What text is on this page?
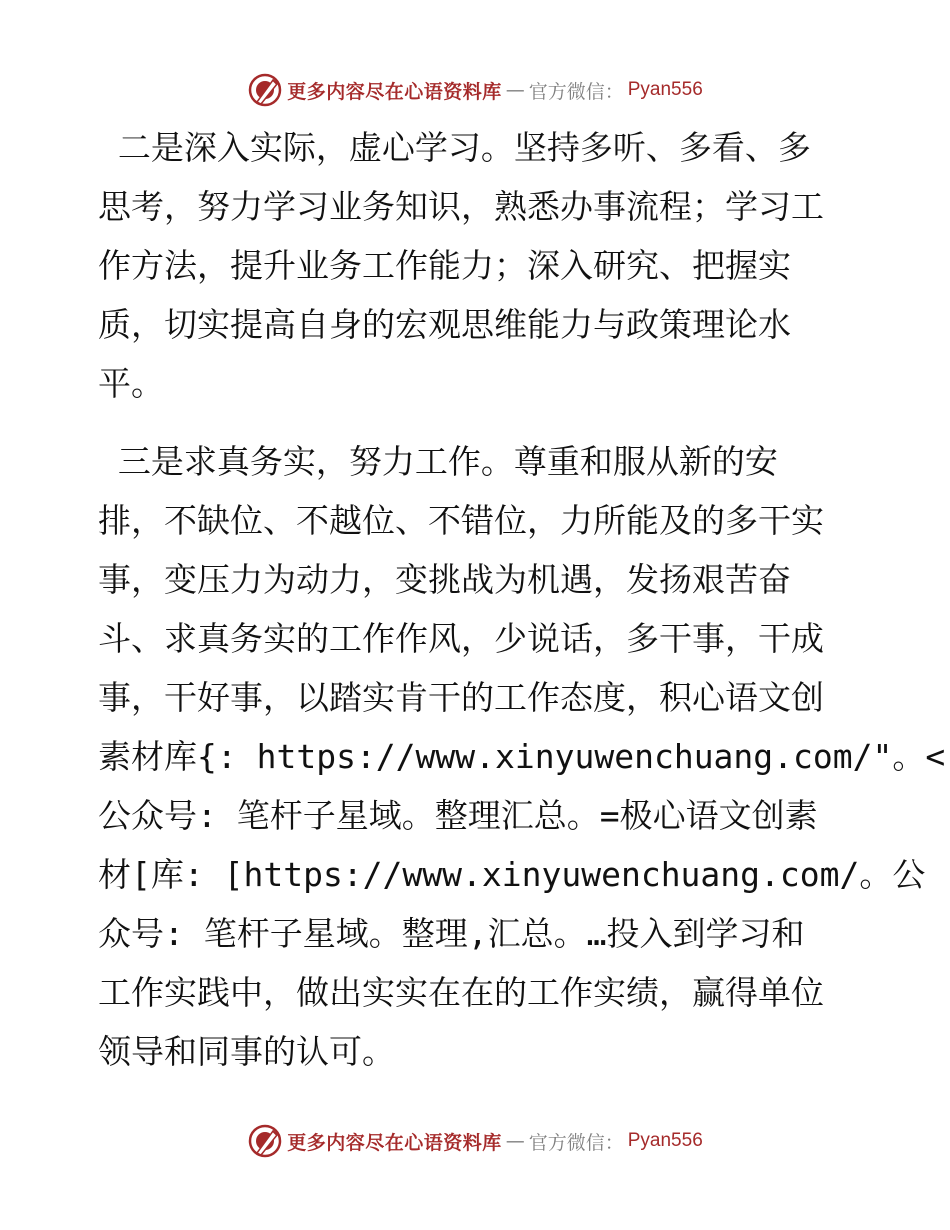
更多内容尽在心语资料库 — 官方微信： Pyan556
二是深入实际，虚心学习。坚持多听、多看、多
思考，努力学习业务知识，熟悉办事流程；学习工
作方法，提升业务工作能力；深入研究、把握实
质，切实提高自身的宏观思维能力与政策理论水
平。
三是求真务实，努力工作。尊重和服从新的安
排，不缺位、不越位、不错位，力所能及的多干实
事，变压力为动力，变挑战为机遇，发扬艰苦奋
斗、求真务实的工作作风，少说话，多干事，干成
事，干好事，以踏实肯干的工作态度，积心语文创
素材库{: https://www.xinyuwenchuang.com/"。<
公众号: 笔杆子星域。整理汇总。=极心语文创素
材[库: [https://www.xinyuwenchuang.com/。公
众号: 笔杆子星域。整理,汇总。…投入到学习和
工作实践中，做出实实在在的工作实绩，赢得单位
领导和同事的认可。
更多内容尽在心语资料库 — 官方微信： Pyan556
